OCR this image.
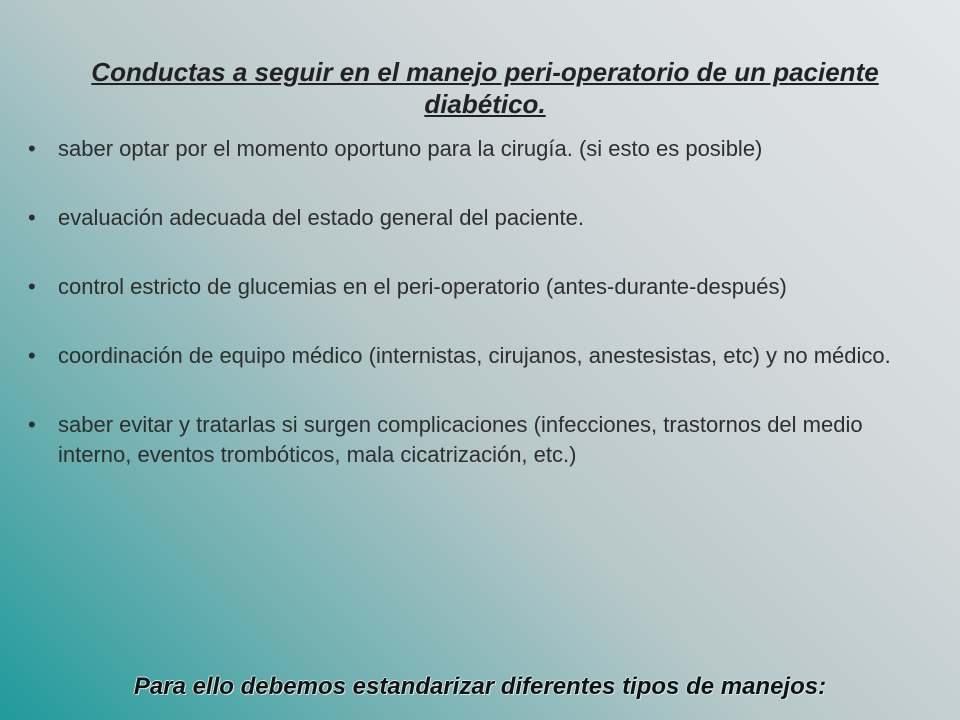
Conductas a seguir en el manejo peri-operatorio de un paciente diabético.
•	saber optar por el momento oportuno para la cirugía. (si esto es posible)
•	evaluación adecuada del estado general del paciente.
•	control estricto de glucemias en el peri-operatorio (antes-durante-después)
•	coordinación de equipo médico (internistas, cirujanos, anestesistas, etc) y no médico.
•	saber evitar y tratarlas si surgen complicaciones (infecciones, trastornos del medio interno, eventos trombóticos, mala cicatrización, etc.)
Para ello debemos estandarizar diferentes tipos de manejos:
